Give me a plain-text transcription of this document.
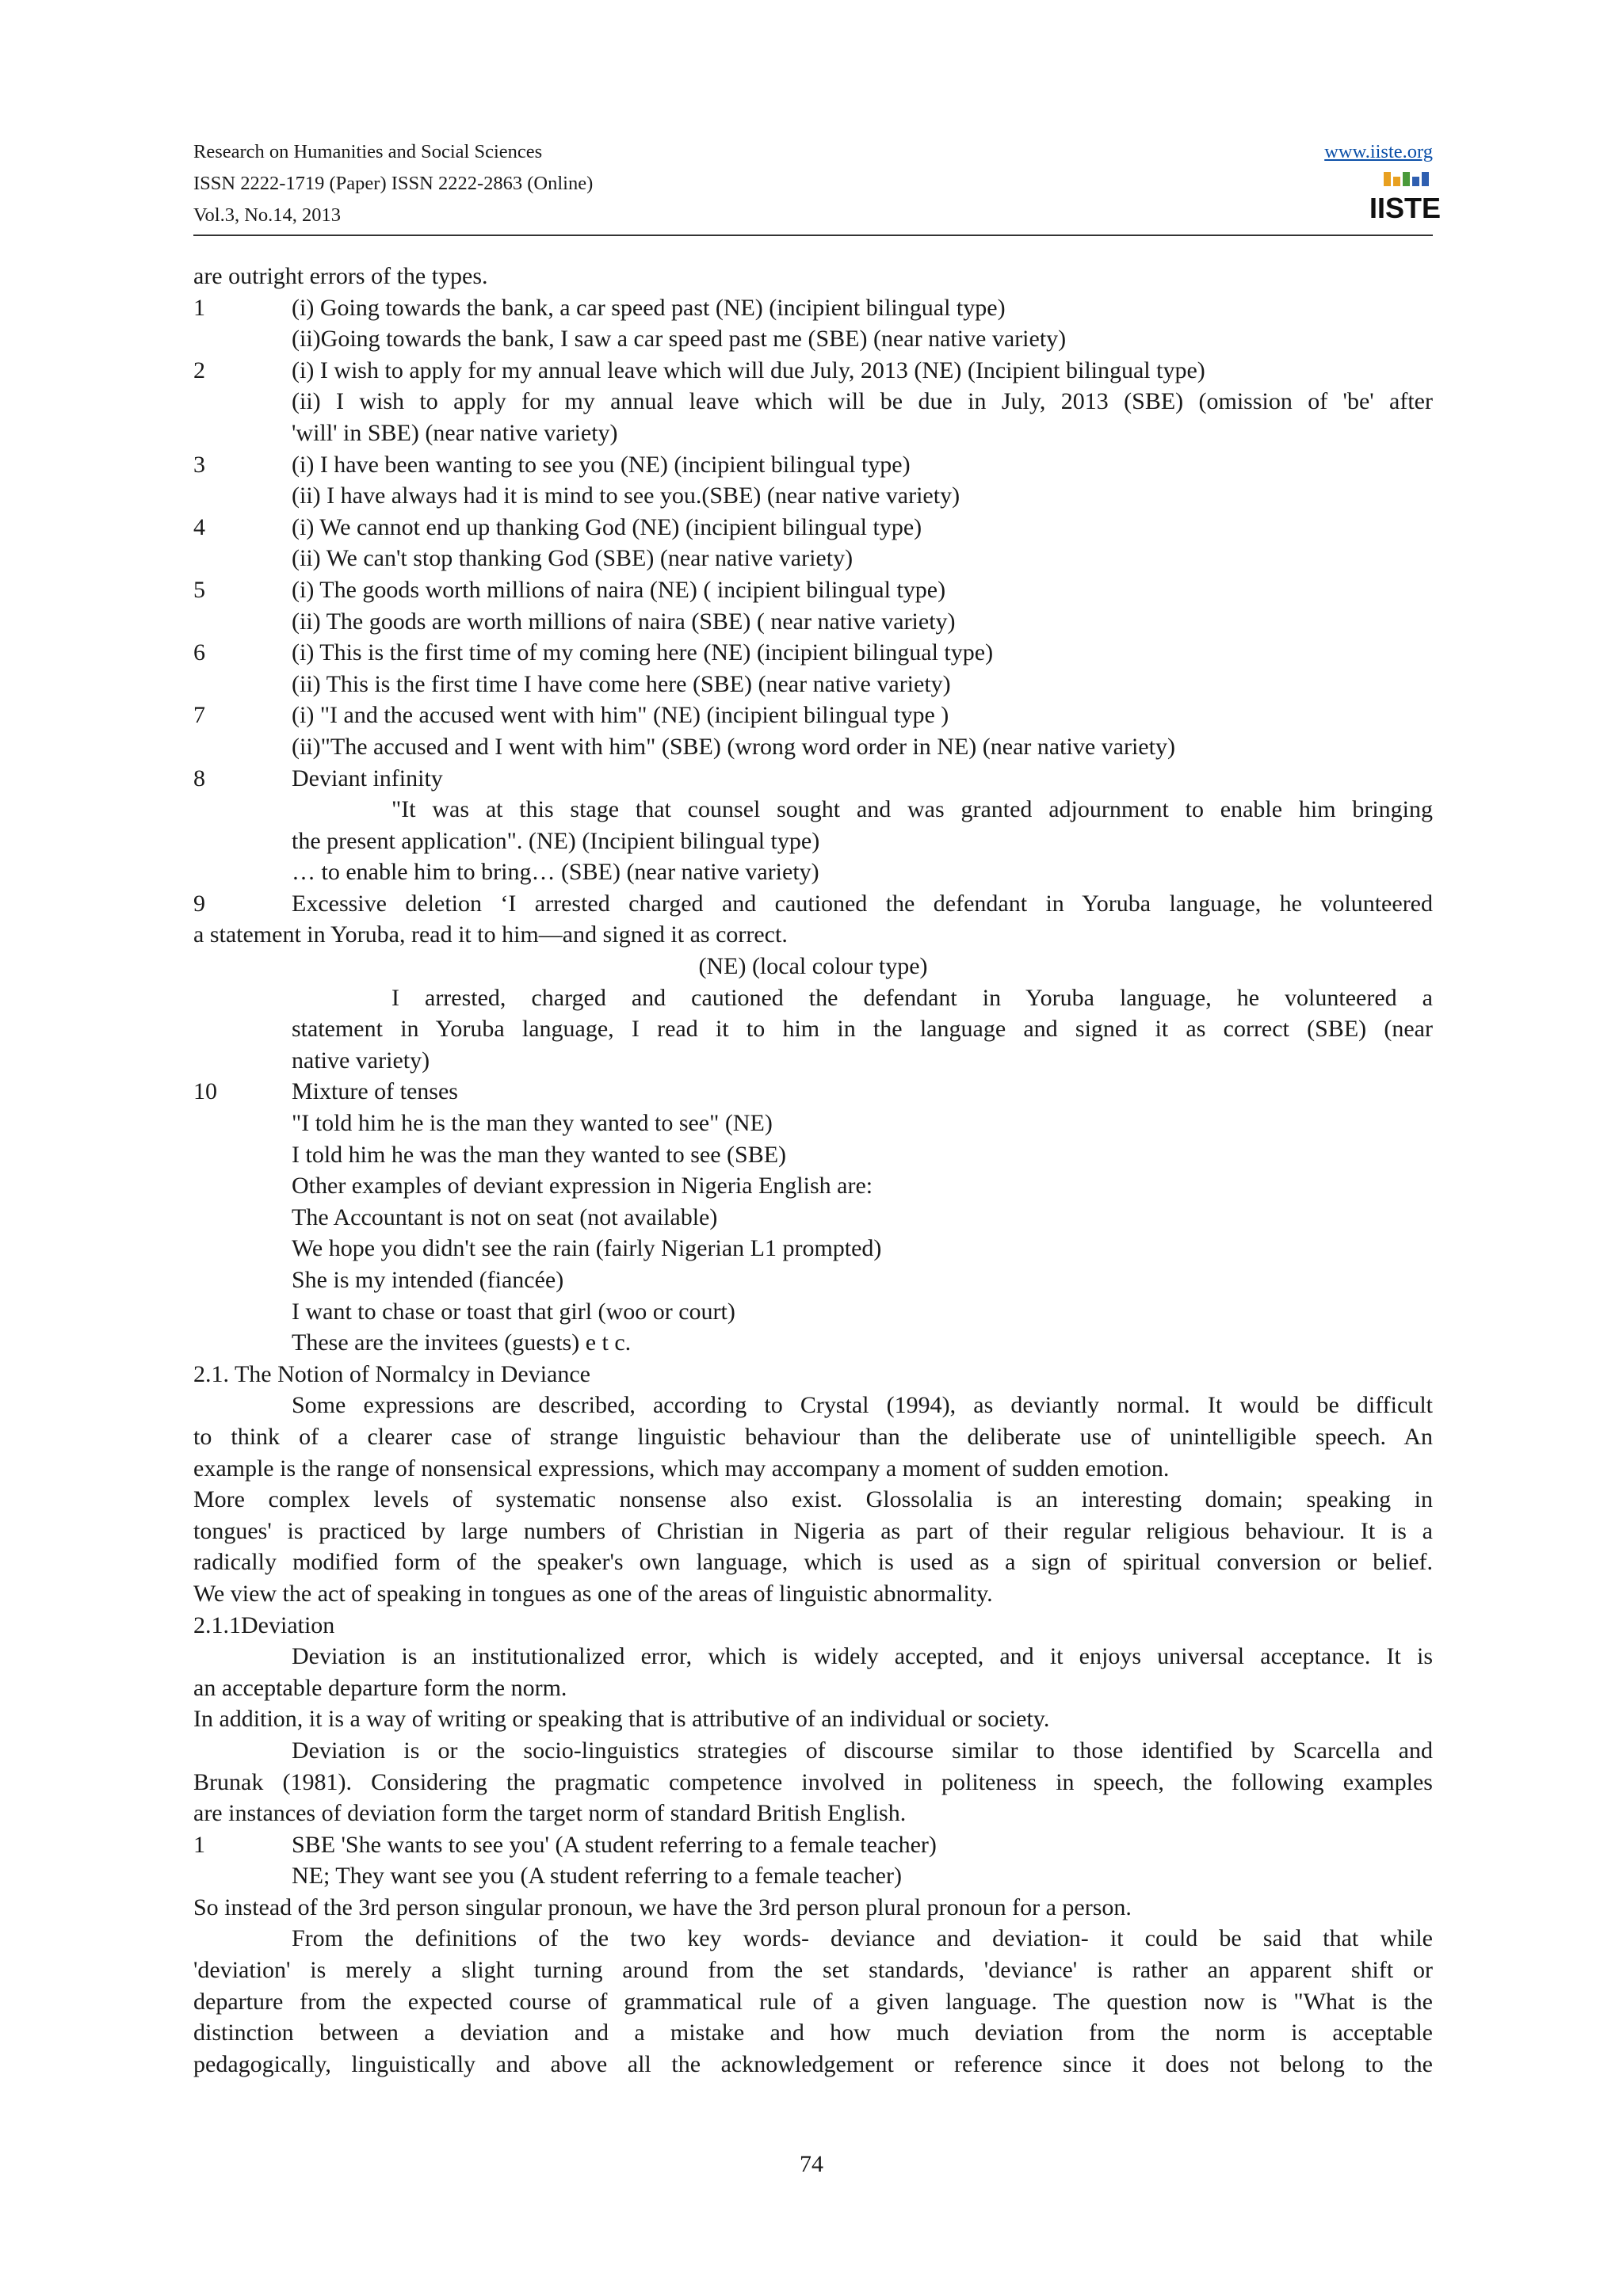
Research on Humanities and Social Sciences
ISSN 2222-1719 (Paper) ISSN 2222-2863 (Online)
Vol.3, No.14, 2013
www.iiste.org
IISTE
are outright errors of the types.
1	(i) Going towards the bank, a car speed past (NE) (incipient bilingual type)
(ii)Going towards the bank, I saw a car speed past me (SBE) (near native variety)
2	(i) I wish to apply for my annual leave which will due July, 2013 (NE) (Incipient bilingual type)
(ii) I wish to apply for my annual leave which will be due in July, 2013 (SBE) (omission of 'be' after
'will' in SBE) (near native variety)
3	(i) I have been wanting to see you (NE) (incipient bilingual type)
(ii) I have always had it is mind to see you.(SBE) (near native variety)
4	(i) We cannot end up thanking God (NE) (incipient bilingual type)
(ii) We can't stop thanking God (SBE) (near native variety)
5	(i) The goods worth millions of naira (NE) ( incipient bilingual type)
(ii) The goods are worth millions of naira (SBE) ( near native variety)
6	(i) This is the first time of my coming here (NE) (incipient bilingual type)
(ii) This is the first time I have come here (SBE) (near native variety)
7	(i) "I and the accused went with him" (NE) (incipient bilingual type )
(ii)"The accused and I went with him" (SBE) (wrong word order in NE) (near native variety)
8	Deviant infinity
"It was at this stage that counsel sought and was granted adjournment to enable him bringing
the present application". (NE) (Incipient bilingual type)
… to enable him to bring… (SBE) (near native variety)
9	Excessive deletion ‘I arrested charged and cautioned the defendant in Yoruba language, he volunteered
a statement in Yoruba, read it to him—and signed it as correct.
(NE) (local colour type)
I arrested, charged and cautioned the defendant in Yoruba language, he volunteered a
statement in Yoruba language, I read it to him in the language and signed it as correct (SBE) (near
native variety)
10	Mixture of tenses
"I told him he is the man they wanted to see" (NE)
I told him he was the man they wanted to see (SBE)
Other examples of deviant expression in Nigeria English are:
The Accountant is not on seat (not available)
We hope you didn't see the rain (fairly Nigerian L1 prompted)
She is my intended (fiancée)
I want to chase or toast that girl (woo or court)
These are the invitees (guests) e t c.
2.1. The Notion of Normalcy in Deviance
Some expressions are described, according to Crystal (1994), as deviantly normal. It would be difficult
to think of a clearer case of strange linguistic behaviour than the deliberate use of unintelligible speech. An
example is the range of nonsensical expressions, which may accompany a moment of sudden emotion.
More complex levels of systematic nonsense also exist. Glossolalia is an interesting domain; speaking in
tongues' is practiced by large numbers of Christian in Nigeria as part of their regular religious behaviour. It is a
radically modified form of the speaker's own language, which is used as a sign of spiritual conversion or belief.
We view the act of speaking in tongues as one of the areas of linguistic abnormality.
2.1.1Deviation
Deviation is an institutionalized error, which is widely accepted, and it enjoys universal acceptance. It is
an acceptable departure form the norm.
In addition, it is a way of writing or speaking that is attributive of an individual or society.
Deviation is or the socio-linguistics strategies of discourse similar to those identified by Scarcella and
Brunak (1981). Considering the pragmatic competence involved in politeness in speech, the following examples
are instances of deviation form the target norm of standard British English.
1	SBE 'She wants to see you' (A student referring to a female teacher)
NE; They want see you (A student referring to a female teacher)
So instead of the 3rd person singular pronoun, we have the 3rd person plural pronoun for a person.
From the definitions of the two key words- deviance and deviation- it could be said that while
'deviation' is merely a slight turning around from the set standards, 'deviance' is rather an apparent shift or
departure from the expected course of grammatical rule of a given language. The question now is "What is the
distinction between a deviation and a mistake and how much deviation from the norm is acceptable
pedagogically, linguistically and above all the acknowledgement or reference since it does not belong to the
74
